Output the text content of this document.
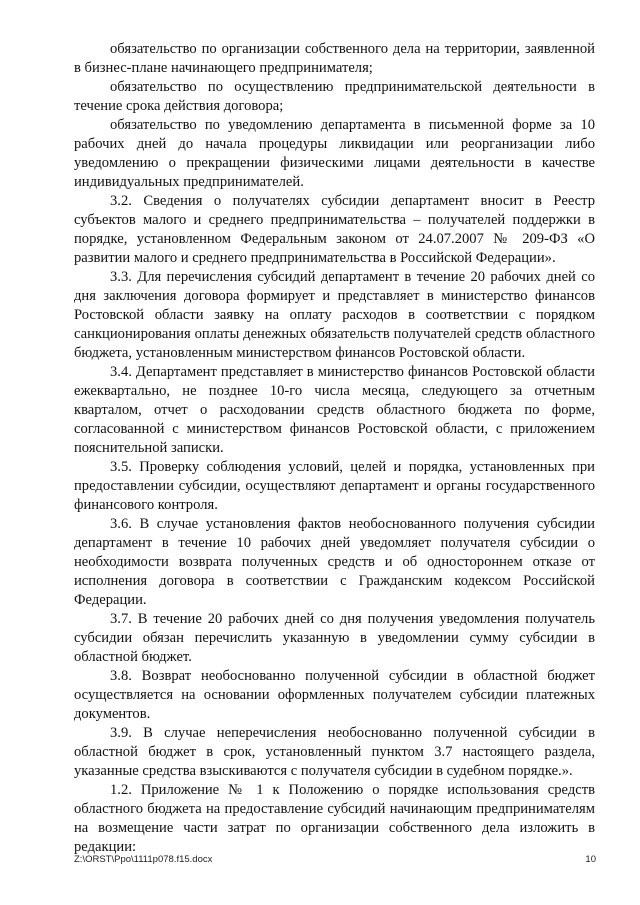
обязательство по организации собственного дела на территории, заявленной в бизнес-плане начинающего предпринимателя;

обязательство по осуществлению предпринимательской деятельности в течение срока действия договора;

обязательство по уведомлению департамента в письменной форме за 10 рабочих дней до начала процедуры ликвидации или реорганизации либо уведомлению о прекращении физическими лицами деятельности в качестве индивидуальных предпринимателей.

3.2. Сведения о получателях субсидии департамент вносит в Реестр субъектов малого и среднего предпринимательства – получателей поддержки в порядке, установленном Федеральным законом от 24.07.2007 № 209-ФЗ «О развитии малого и среднего предпринимательства в Российской Федерации».

3.3. Для перечисления субсидий департамент в течение 20 рабочих дней со дня заключения договора формирует и представляет в министерство финансов Ростовской области заявку на оплату расходов в соответствии с порядком санкционирования оплаты денежных обязательств получателей средств областного бюджета, установленным министерством финансов Ростовской области.

3.4. Департамент представляет в министерство финансов Ростовской области ежеквартально, не позднее 10-го числа месяца, следующего за отчетным кварталом, отчет о расходовании средств областного бюджета по форме, согласованной с министерством финансов Ростовской области, с приложением пояснительной записки.

3.5. Проверку соблюдения условий, целей и порядка, установленных при предоставлении субсидии, осуществляют департамент и органы государственного финансового контроля.

3.6. В случае установления фактов необоснованного получения субсидии департамент в течение 10 рабочих дней уведомляет получателя субсидии о необходимости возврата полученных средств и об одностороннем отказе от исполнения договора в соответствии с Гражданским кодексом Российской Федерации.

3.7. В течение 20 рабочих дней со дня получения уведомления получатель субсидии обязан перечислить указанную в уведомлении сумму субсидии в областной бюджет.

3.8. Возврат необоснованно полученной субсидии в областной бюджет осуществляется на основании оформленных получателем субсидии платежных документов.

3.9. В случае неперечисления необоснованно полученной субсидии в областной бюджет в срок, установленный пунктом 3.7 настоящего раздела, указанные средства взыскиваются с получателя субсидии в судебном порядке.».

1.2. Приложение № 1 к Положению о порядке использования средств областного бюджета на предоставление субсидий начинающим предпринимателям на возмещение части затрат по организации собственного дела изложить в редакции:

Z:\ORST\Ppo\1111p078.f15.docx	10
